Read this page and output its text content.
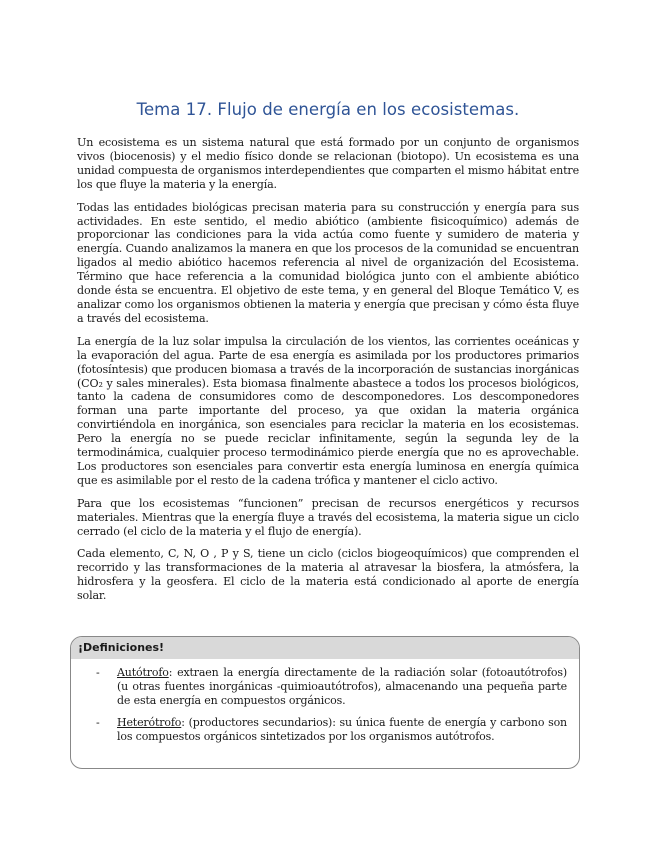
Tema 17. Flujo de energía en los ecosistemas.

Un ecosistema es un sistema natural que está formado por un conjunto de organismos vivos (biocenosis) y el medio físico donde se relacionan (biotopo). Un ecosistema es una unidad compuesta de organismos interdependientes que comparten el mismo hábitat entre los que fluye la materia y la energía.

Todas las entidades biológicas precisan materia para su construcción y energía para sus actividades. En este sentido, el medio abiótico (ambiente fisicoquímico) además de proporcionar las condiciones para la vida actúa como fuente y sumidero de materia y energía. Cuando analizamos la manera en que los procesos de la comunidad se encuentran ligados al medio abiótico hacemos referencia al nivel de organización del Ecosistema. Término que hace referencia a la comunidad biológica junto con el ambiente abiótico donde ésta se encuentra. El objetivo de este tema, y en general del Bloque Temático V, es analizar como los organismos obtienen la materia y energía que precisan y cómo ésta fluye a través del ecosistema.

La energía de la luz solar impulsa la circulación de los vientos, las corrientes oceánicas y la evaporación del agua. Parte de esa energía es asimilada por los productores primarios (fotosíntesis) que producen biomasa a través de la incorporación de sustancias inorgánicas (CO₂ y sales minerales). Esta biomasa finalmente abastece a todos los procesos biológicos, tanto la cadena de consumidores como de descomponedores. Los descomponedores forman una parte importante del proceso, ya que oxidan la materia orgánica convirtiéndola en inorgánica, son esenciales para reciclar la materia en los ecosistemas. Pero la energía no se puede reciclar infinitamente, según la segunda ley de la termodinámica, cualquier proceso termodinámico pierde energía que no es aprovechable. Los productores son esenciales para convertir esta energía luminosa en energía química que es asimilable por el resto de la cadena trófica y mantener el ciclo activo.

Para que los ecosistemas “funcionen” precisan de recursos energéticos y recursos materiales. Mientras que la energía fluye a través del ecosistema, la materia sigue un ciclo cerrado (el ciclo de la materia y el flujo de energía).

Cada elemento, C, N, O , P y S, tiene un ciclo (ciclos biogeoquímicos) que comprenden el recorrido y las transformaciones de la materia al atravesar la biosfera, la atmósfera, la hidrosfera y la geosfera. El ciclo de la materia está condicionado al aporte de energía solar.

¡Definiciones!
- Autótrofo: extraen la energía directamente de la radiación solar (fotoautótrofos) (u otras fuentes inorgánicas -quimioautótrofos), almacenando una pequeña parte de esta energía en compuestos orgánicos.
- Heterótrofo: (productores secundarios): su única fuente de energía y carbono son los compuestos orgánicos sintetizados por los organismos autótrofos.
